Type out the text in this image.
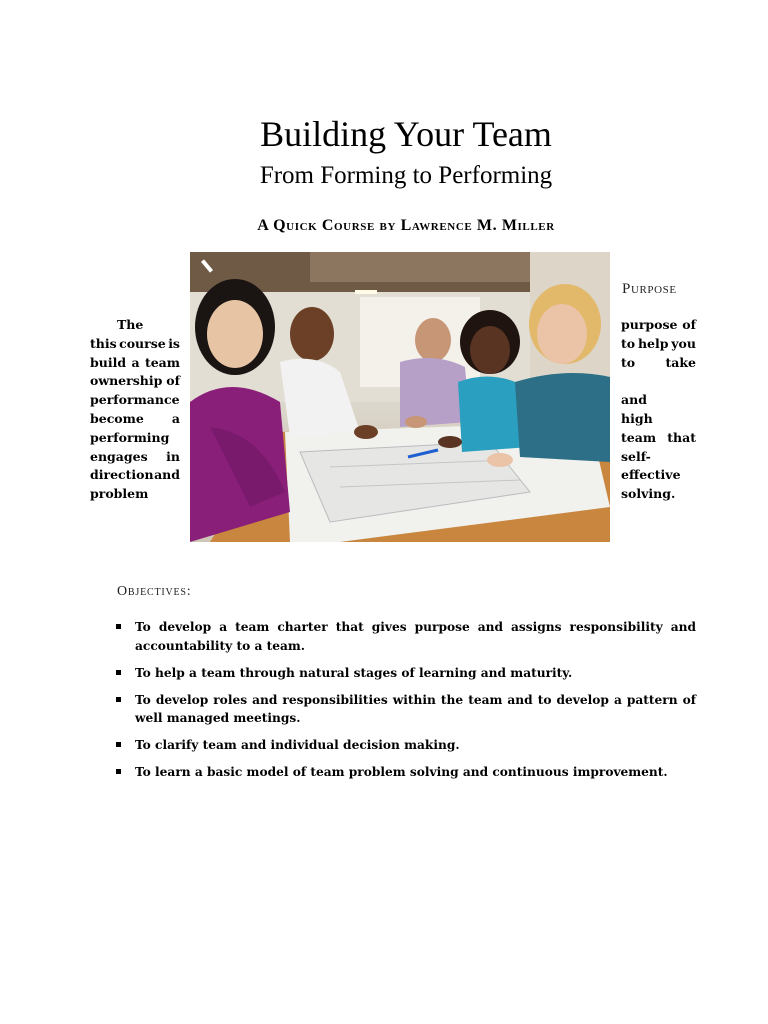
Building Your Team
From Forming to Performing
A Quick Course by Lawrence M. Miller
Purpose
The
this course is
build a team
ownership of
performance
become a
performing
engages in
direction and
problem
purpose of
to help you
to take
and
high
team that
self-
effective
solving.
Objectives:
To develop a team charter that gives purpose and assigns responsibility and accountability to a team.
To help a team through natural stages of learning and maturity.
To develop roles and responsibilities within the team and to develop a pattern of well managed meetings.
To clarify team and individual decision making.
To learn a basic model of team problem solving and continuous improvement.
